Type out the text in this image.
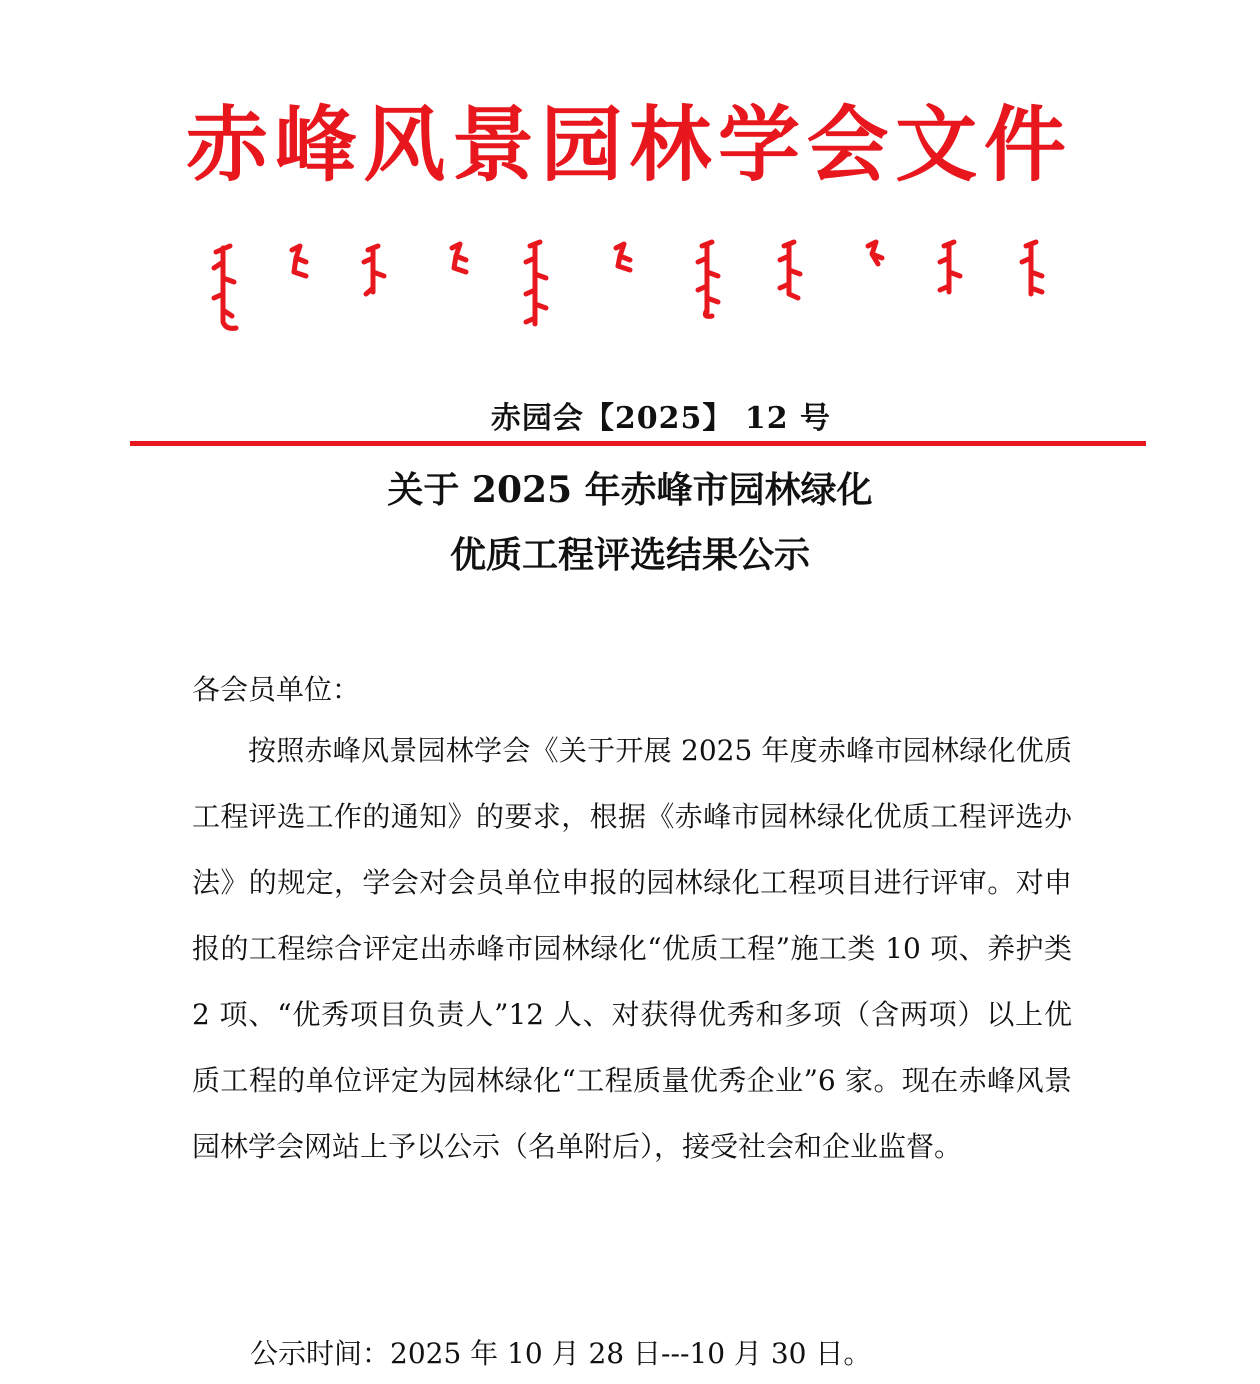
赤 峰 风 景 园 林 学 会 文 件
赤园会【2025】 12 号
关于 2025 年赤峰市园林绿化
优质工程评选结果公示
各会员单位：

按照赤峰风景园林学会《关于开展 2025 年度赤峰市园林绿化优质工程评选工作的通知》的要求，根据《赤峰市园林绿化优质工程评选办法》的规定，学会对会员单位申报的园林绿化工程项目进行评审。对申报的工程综合评定出赤峰市园林绿化“优质工程”施工类 10 项、养护类 2 项、“优秀项目负责人”12 人、对获得优秀和多项（含两项）以上优质工程的单位评定为园林绿化“工程质量优秀企业”6 家。现在赤峰风景园林学会网站上予以公示（名单附后），接受社会和企业监督。

公示时间：2025 年 10 月 28 日---10 月 30 日。
